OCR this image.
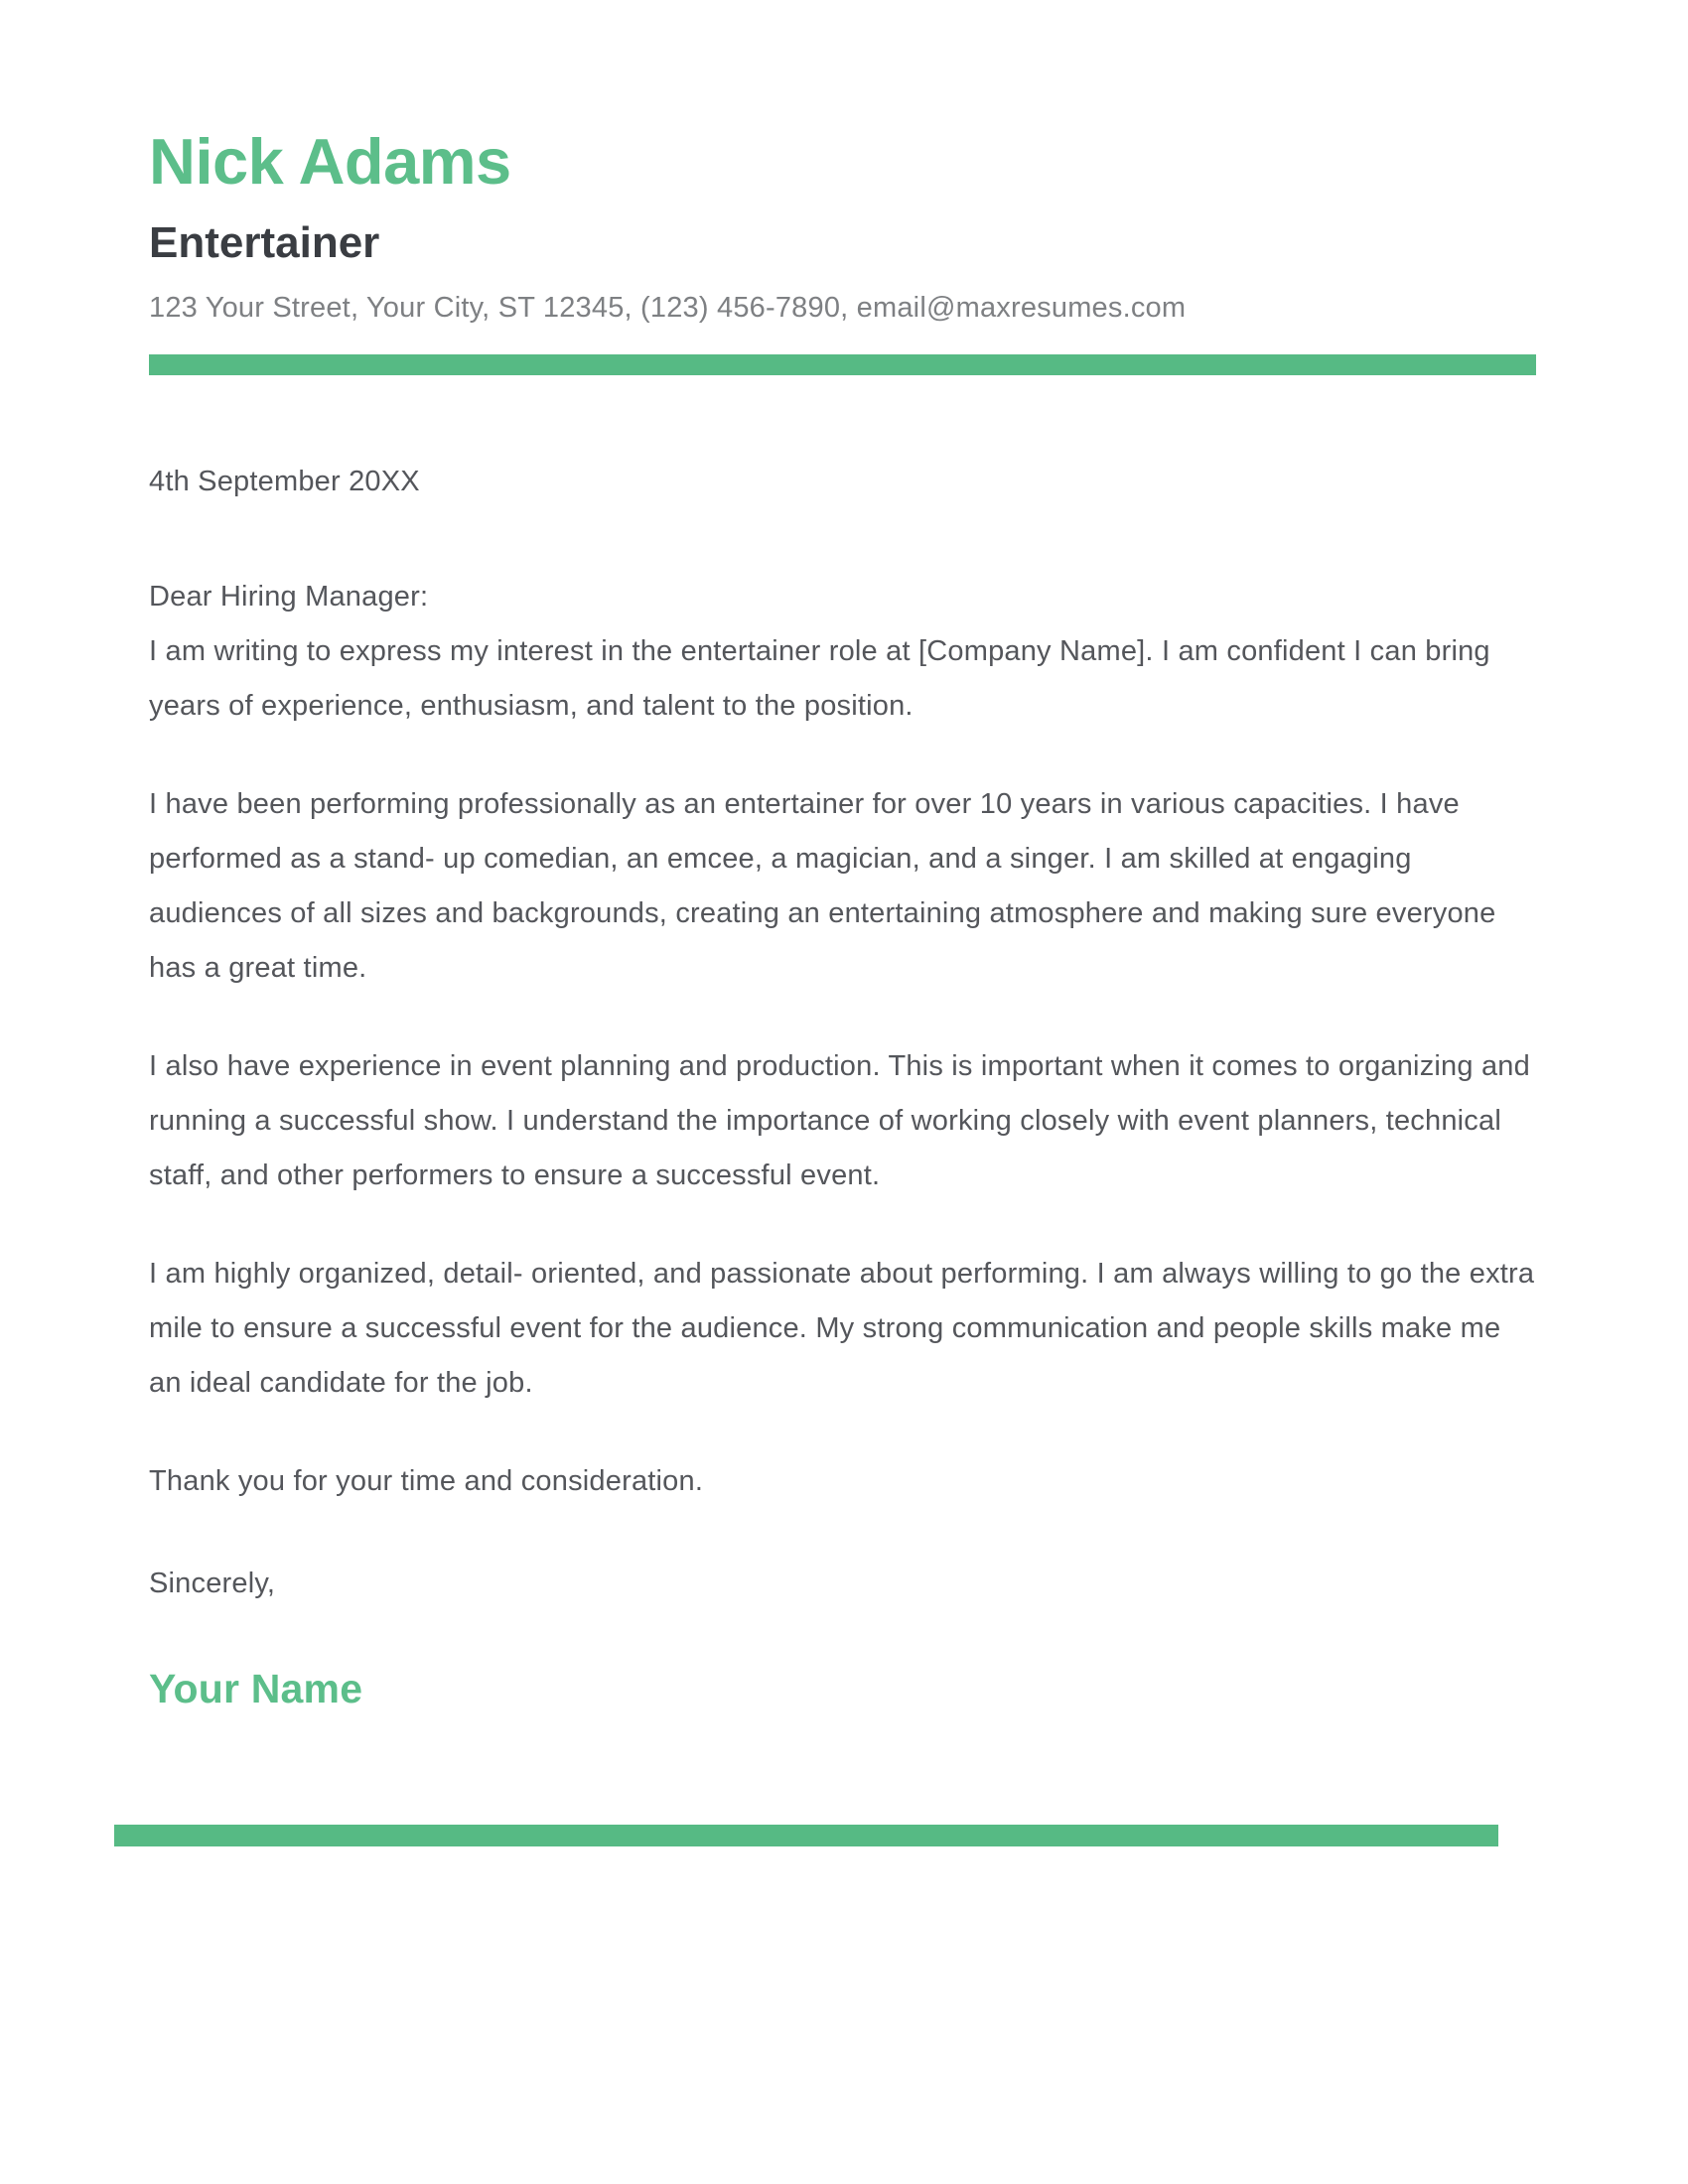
Nick Adams
Entertainer

123 Your Street, Your City, ST 12345, (123) 456-7890, email@maxresumes.com

4th September 20XX

Dear Hiring Manager:

I am writing to express my interest in the entertainer role at [Company Name]. I am confident I can bring years of experience, enthusiasm, and talent to the position.

I have been performing professionally as an entertainer for over 10 years in various capacities. I have performed as a stand- up comedian, an emcee, a magician, and a singer. I am skilled at engaging audiences of all sizes and backgrounds, creating an entertaining atmosphere and making sure everyone has a great time.

I also have experience in event planning and production. This is important when it comes to organizing and running a successful show. I understand the importance of working closely with event planners, technical staff, and other performers to ensure a successful event.

I am highly organized, detail- oriented, and passionate about performing. I am always willing to go the extra mile to ensure a successful event for the audience. My strong communication and people skills make me an ideal candidate for the job.

Thank you for your time and consideration.

Sincerely,

Your Name
